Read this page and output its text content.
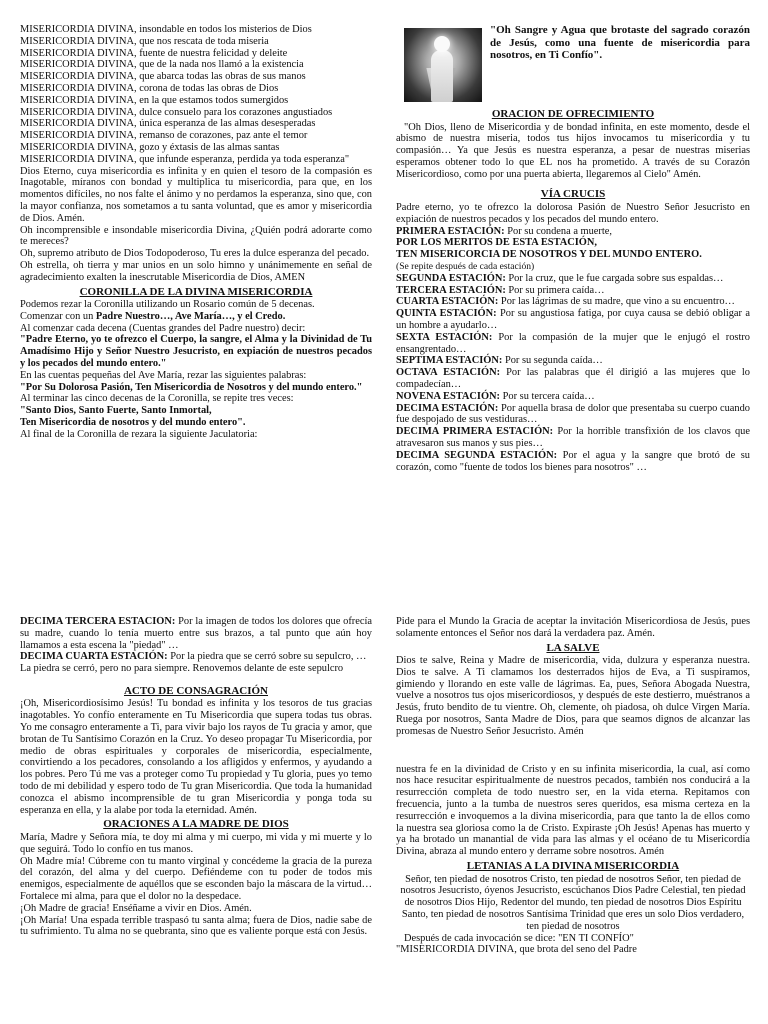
MISERICORDIA DIVINA, insondable en todos los misterios de Dios

MISERICORDIA DIVINA, que nos rescata de toda miseria

MISERICORDIA DIVINA, fuente de nuestra felicidad y deleite

MISERICORDIA DIVINA, que de la nada nos llamó a la existencia

MISERICORDIA DIVINA, que abarca todas las obras de sus manos

MISERICORDIA DIVINA, corona de todas las obras de Dios

MISERICORDIA DIVINA, en la que estamos todos sumergidos

MISERICORDIA DIVINA, dulce consuelo para los corazones angustiados

MISERICORDIA DIVINA, única esperanza de las almas desesperadas

MISERICORDIA DIVINA, remanso de corazones, paz ante el temor

MISERICORDIA DIVINA, gozo y éxtasis de las almas santas

MISERICORDIA DIVINA, que infunde esperanza, perdida ya toda esperanza"

Dios Eterno, cuya misericordia es infinita y en quien el tesoro de la compasión es Inagotable, míranos con bondad y multiplica tu misericordia, para que, en los momentos difíciles, no nos falte el ánimo y no perdamos la esperanza, sino que, con la mayor confianza, nos sometamos a tu santa voluntad, que es amor y misericordia de Dios. Amén.

Oh incomprensible e insondable misericordia Divina, ¿Quién podrá adorarte como te mereces?

Oh, supremo atributo de Dios Todopoderoso, Tu eres la dulce esperanza del pecado.

Oh estrella, oh tierra y mar unios en un solo himno y unánimemente en señal de agradecimiento exalten la inescrutable Misericordia de Dios, AMEN

CORONILLA DE LA DIVINA MISERICORDIA

Podemos rezar la Coronilla utilizando un Rosario común de 5 decenas.

Comenzar con un Padre Nuestro…, Ave María…, y el Credo.

Al comenzar cada decena (Cuentas grandes del Padre nuestro) decir:

"Padre Eterno, yo te ofrezco el Cuerpo, la sangre, el Alma y la Divinidad de Tu Amadísimo Hijo y Señor Nuestro Jesucristo, en expiación de nuestros pecados y los pecados del mundo entero."

En las cuentas pequeñas del Ave María, rezar las siguientes palabras:

"Por Su Dolorosa Pasión, Ten Misericordia de Nosotros y del mundo entero."

Al terminar las cinco decenas de la Coronilla, se repite tres veces:

"Santo Dios, Santo Fuerte, Santo Inmortal,

Ten Misericordia de nosotros y del mundo entero".

Al final de la Coronilla de rezara la siguiente Jaculatoria:

"Oh Sangre y Agua que brotaste del sagrado corazón de Jesús, como una fuente de misericordia para nosotros, en Ti Confío".

ORACION DE OFRECIMIENTO

"Oh Dios, lleno de Misericordia y de bondad infinita, en este momento, desde el abismo de nuestra miseria, todos tus hijos invocamos tu misericordia y tu compasión… Ya que Jesús es nuestra esperanza, a pesar de nuestras miserias esperamos obtener todo lo que EL nos ha prometido. A través de su Corazón Misericordioso, como por una puerta abierta, llegaremos al Cielo" Amén.

VÍA CRUCIS

Padre eterno, yo te ofrezco la dolorosa Pasión de Nuestro Señor Jesucristo en expiación de nuestros pecados y los pecados del mundo entero.

PRIMERA ESTACIÓN: Por su condena a muerte,

POR LOS MERITOS DE ESTA ESTACIÓN,

TEN MISERICORCIA DE NOSOTROS Y DEL MUNDO ENTERO.

(Se repite después de cada estación)

SEGUNDA ESTACIÓN: Por la cruz, que le fue cargada sobre sus espaldas…

TERCERA ESTACIÓN: Por su primera caída…

CUARTA ESTACIÓN: Por las lágrimas de su madre, que vino a su encuentro…

QUINTA ESTACIÓN: Por su angustiosa fatiga, por cuya causa se debió obligar a un hombre a ayudarlo…

SEXTA ESTACIÓN: Por la compasión de la mujer que le enjugó el rostro ensangrentado…

SEPTIMA ESTACIÓN: Por su segunda caída…

OCTAVA ESTACIÓN: Por las palabras que él dirigió a las mujeres que lo compadecían…

NOVENA ESTACIÓN: Por su tercera caída…

DECIMA ESTACIÓN: Por aquella brasa de dolor que presentaba su cuerpo cuando fue despojado de sus vestiduras…

DECIMA PRIMERA ESTACIÓN: Por la horrible transfixión de los clavos que atravesaron sus manos y sus pies…

DECIMA SEGUNDA ESTACIÓN: Por el agua y la sangre que brotó de su corazón, como "fuente de todos los bienes para nosotros" …

DECIMA TERCERA ESTACIÓN: Por la imagen de todos los dolores que ofrecía su madre, cuando lo tenía muerto entre sus brazos, a tal punto que aún hoy llamamos a esta escena la "piedad" …

DECIMA CUARTA ESTACIÓN: Por la piedra que se cerró sobre su sepulcro, …

La piedra se cerró, pero no para siempre. Renovemos delante de este sepulcro

ACTO DE CONSAGRACIÓN

¡Oh, Misericordiosísimo Jesús! Tu bondad es infinita y los tesoros de tus gracias inagotables. Yo confío enteramente en Tu Misericordia que supera todas tus obras. Yo me consagro enteramente a Ti, para vivir bajo los rayos de Tu gracia y amor, que brotan de Tu Santísimo Corazón en la Cruz. Yo deseo propagar Tu Misericordia, por medio de obras espirituales y corporales de misericordia, especialmente, convirtiendo a los pecadores, consolando a los afligidos y enfermos, y ayudando a los pobres. Pero Tú me vas a proteger como Tu propiedad y Tu gloria, pues yo temo todo de mi debilidad y espero todo de Tu gran Misericordia. Que toda la humanidad conozca el abismo incomprensible de tu gran Misericordia y ponga toda su esperanza en ella, y la alabe por toda la eternidad. Amén.

ORACIONES A LA MADRE DE DIOS

María, Madre y Señora mía, te doy mi alma y mi cuerpo, mi vida y mi muerte y lo que seguirá. Todo lo confío en tus manos.

Oh Madre mía! Cúbreme con tu manto virginal y concédeme la gracia de la pureza del corazón, del alma y del cuerpo. Defiéndeme con tu poder de todos mis enemigos, especialmente de aquéllos que se esconden bajo la máscara de la virtud… Fortalece mi alma, para que el dolor no la despedace.

¡Oh Madre de gracia! Enséñame a vivir en Dios. Amén.

¡Oh María! Una espada terrible traspasó tu santa alma; fuera de Dios, nadie sabe de tu sufrimiento. Tu alma no se quebranta, sino que es valiente porque está con Jesús.

Pide para el Mundo la Gracia de aceptar la invitación Misericordiosa de Jesús, pues solamente entonces el Señor nos dará la verdadera paz. Amén.

LA SALVE

Dios te salve, Reina y Madre de misericordia, vida, dulzura y esperanza nuestra. Dios te salve. A Ti clamamos los desterrados hijos de Eva, a Ti suspiramos, gimiendo y llorando en este valle de lágrimas. Ea, pues, Señora Abogada Nuestra, vuelve a nosotros tus ojos misericordiosos, y después de este destierro, muéstranos a Jesús, fruto bendito de tu vientre. Oh, clemente, oh piadosa, oh dulce Virgen María. Ruega por nosotros, Santa Madre de Dios, para que seamos dignos de alcanzar las promesas de Nuestro Señor Jesucristo. Amén

nuestra fe en la divinidad de Cristo y en su infinita misericordia, la cual, así como nos hace resucitar espiritualmente de nuestros pecados, también nos conducirá a la resurrección completa de todo nuestro ser, en la vida eterna. Repitamos con frecuencia, junto a la tumba de nuestros seres queridos, esa misma certeza en la resurrección e invoquemos a la divina misericordia, para que tanto la de ellos como la nuestra sea gloriosa como la de Cristo. Expiraste ¡Oh Jesús! Apenas has muerto y ya ha brotado un manantial de vida para las almas y el océano de tu Misericordia Divina, abraza al mundo entero y derrame sobre nosotros. Amén

LETANIAS A LA DIVINA MISERICORDIA

Señor, ten piedad de nosotros Cristo, ten piedad de nosotros Señor, ten piedad de nosotros Jesucristo, óyenos Jesucristo, escúchanos Dios Padre Celestial, ten piedad de nosotros Dios Hijo, Redentor del mundo, ten piedad de nosotros Dios Espíritu Santo, ten piedad de nosotros Santísima Trinidad que eres un solo Dios verdadero, ten piedad de nosotros

Después de cada invocación se dice: "EN TI CONFÍO"

"MISERICORDIA DIVINA, que brota del seno del Padre
